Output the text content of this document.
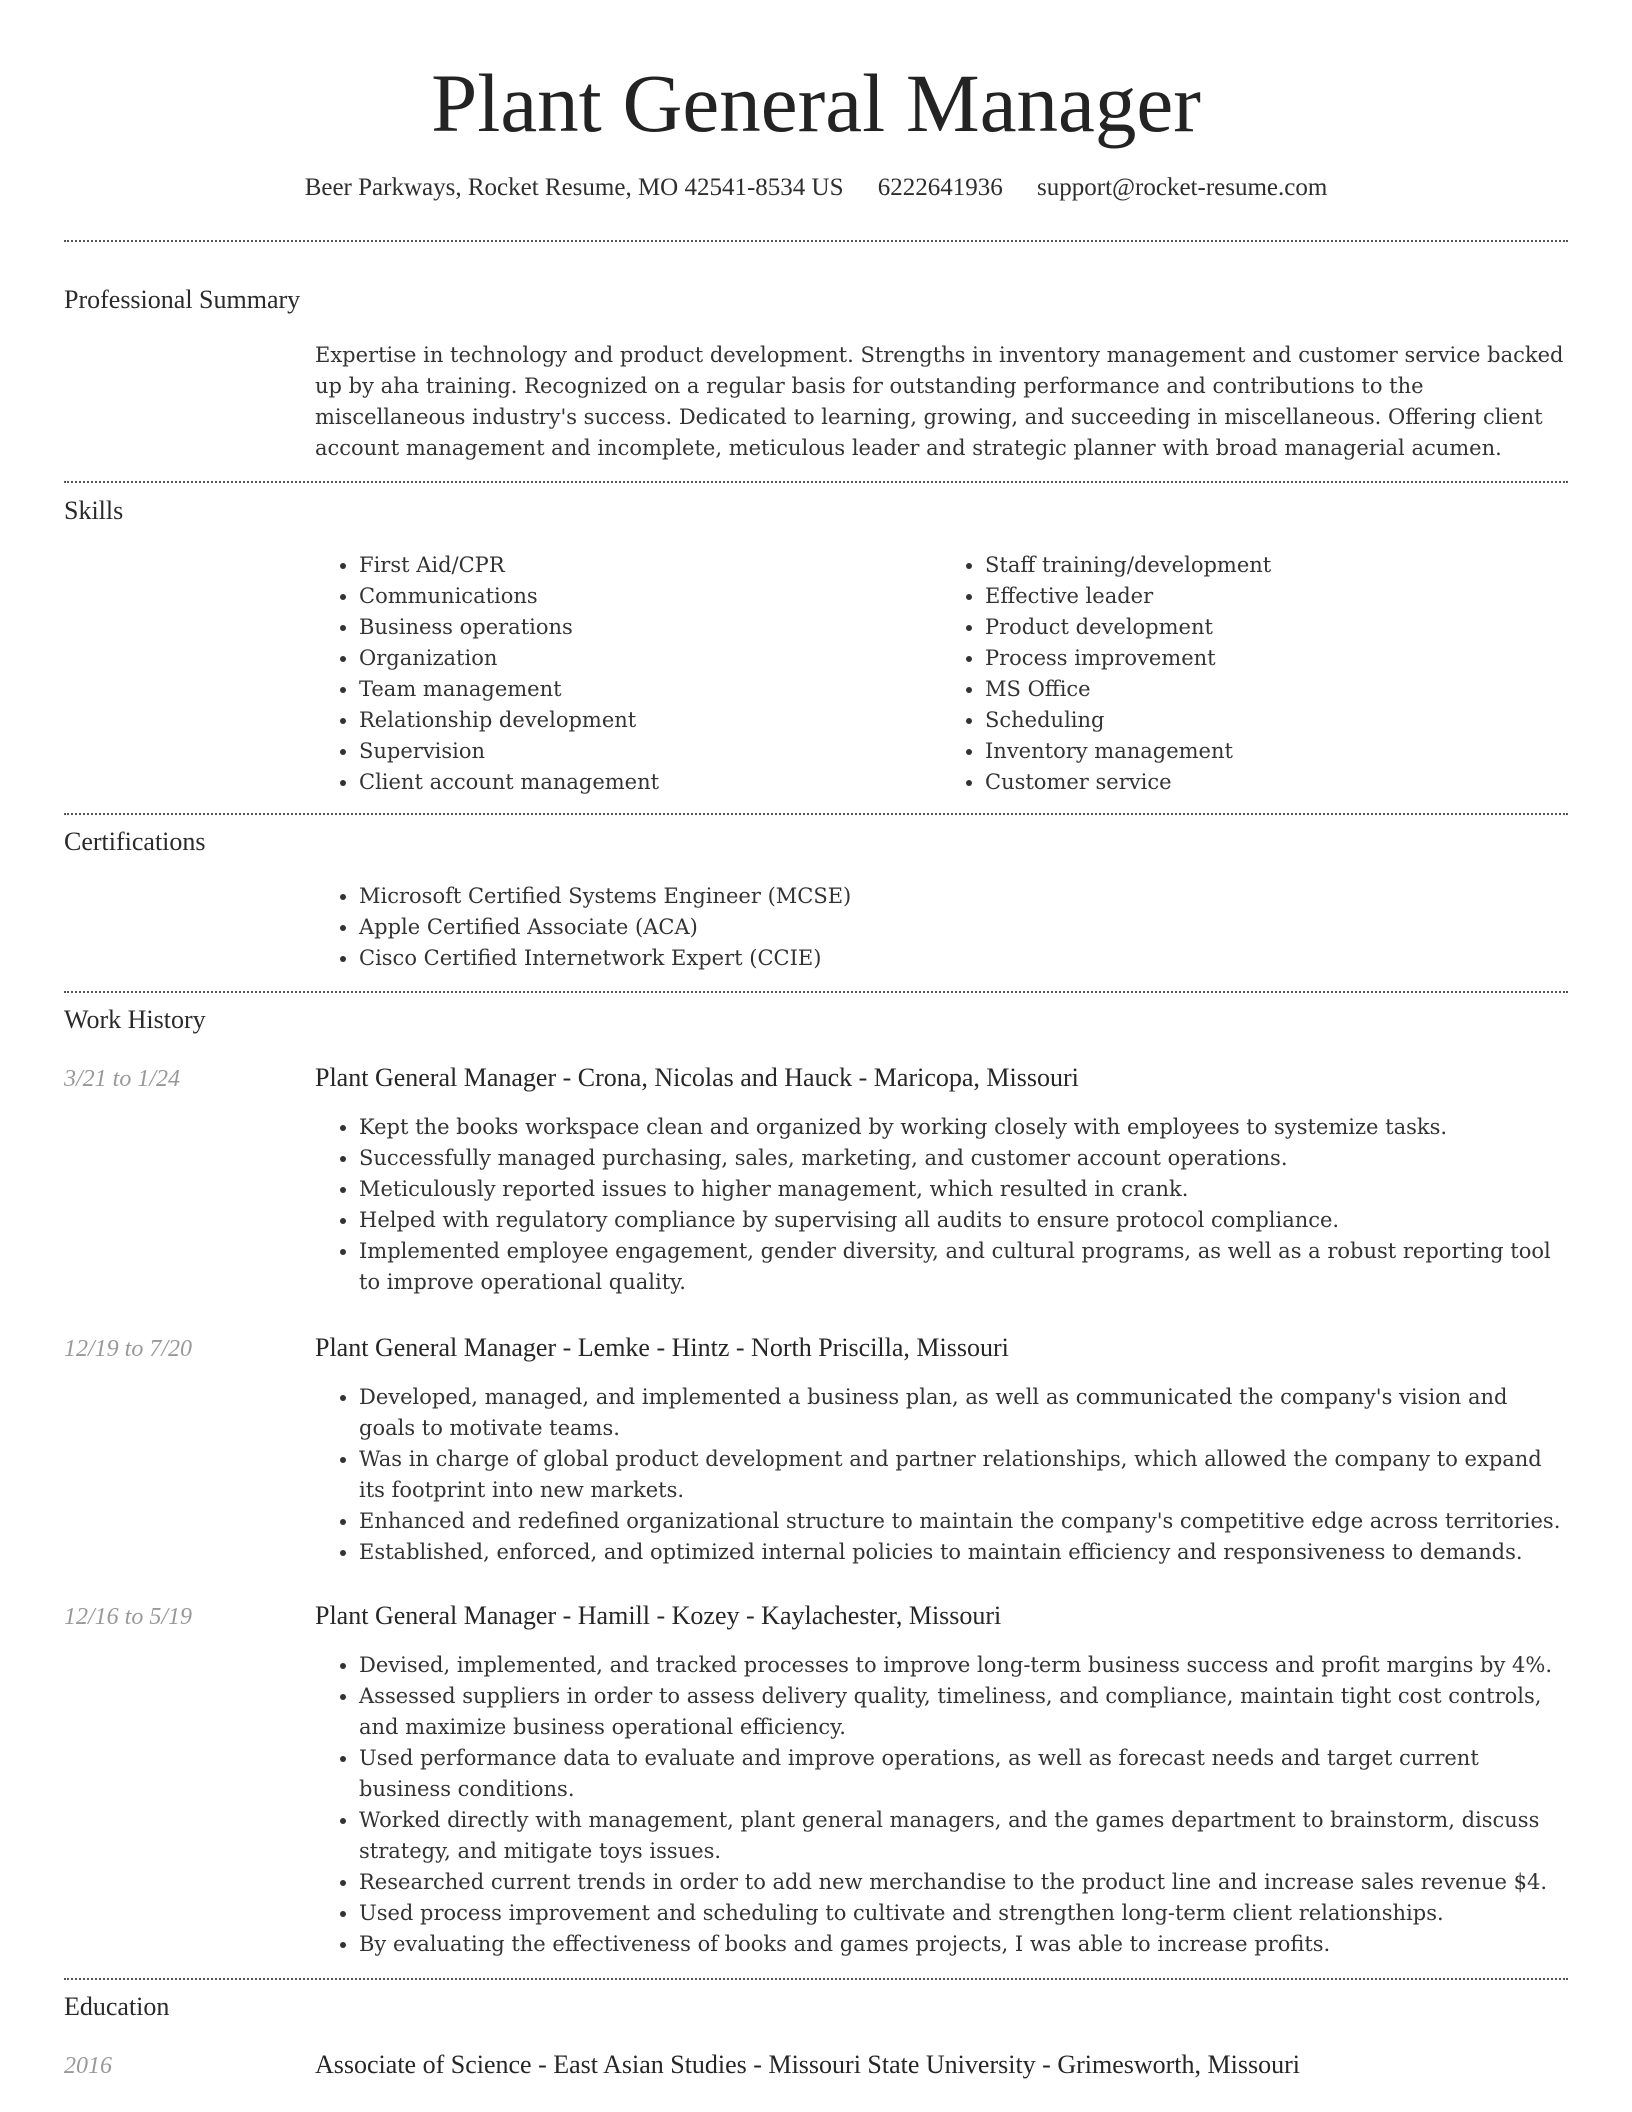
Plant General Manager
Beer Parkways, Rocket Resume, MO 42541-8534 US 6222641936 support@rocket-resume.com
Professional Summary

Expertise in technology and product development. Strengths in inventory management and customer service backed up by aha training. Recognized on a regular basis for outstanding performance and contributions to the miscellaneous industry's success. Dedicated to learning, growing, and succeeding in miscellaneous. Offering client account management and incomplete, meticulous leader and strategic planner with broad managerial acumen.

Skills
• First Aid/CPR
• Communications
• Business operations
• Organization
• Team management
• Relationship development
• Supervision
• Client account management
• Staff training/development
• Effective leader
• Product development
• Process improvement
• MS Office
• Scheduling
• Inventory management
• Customer service
Certifications
• Microsoft Certified Systems Engineer (MCSE)
• Apple Certified Associate (ACA)
• Cisco Certified Internetwork Expert (CCIE)
Work History
3/21 to 1/24	Plant General Manager - Crona, Nicolas and Hauck - Maricopa, Missouri
• Kept the books workspace clean and organized by working closely with employees to systemize tasks.
• Successfully managed purchasing, sales, marketing, and customer account operations.
• Meticulously reported issues to higher management, which resulted in crank.
• Helped with regulatory compliance by supervising all audits to ensure protocol compliance.
• Implemented employee engagement, gender diversity, and cultural programs, as well as a robust reporting tool to improve operational quality.
12/19 to 7/20	Plant General Manager - Lemke - Hintz - North Priscilla, Missouri
• Developed, managed, and implemented a business plan, as well as communicated the company's vision and goals to motivate teams.
• Was in charge of global product development and partner relationships, which allowed the company to expand its footprint into new markets.
• Enhanced and redefined organizational structure to maintain the company's competitive edge across territories.
• Established, enforced, and optimized internal policies to maintain efficiency and responsiveness to demands.
12/16 to 5/19	Plant General Manager - Hamill - Kozey - Kaylachester, Missouri
• Devised, implemented, and tracked processes to improve long-term business success and profit margins by 4%.
• Assessed suppliers in order to assess delivery quality, timeliness, and compliance, maintain tight cost controls, and maximize business operational efficiency.
• Used performance data to evaluate and improve operations, as well as forecast needs and target current business conditions.
• Worked directly with management, plant general managers, and the games department to brainstorm, discuss strategy, and mitigate toys issues.
• Researched current trends in order to add new merchandise to the product line and increase sales revenue $4.
• Used process improvement and scheduling to cultivate and strengthen long-term client relationships.
• By evaluating the effectiveness of books and games projects, I was able to increase profits.
Education
2016	Associate of Science - East Asian Studies - Missouri State University - Grimesworth, Missouri
